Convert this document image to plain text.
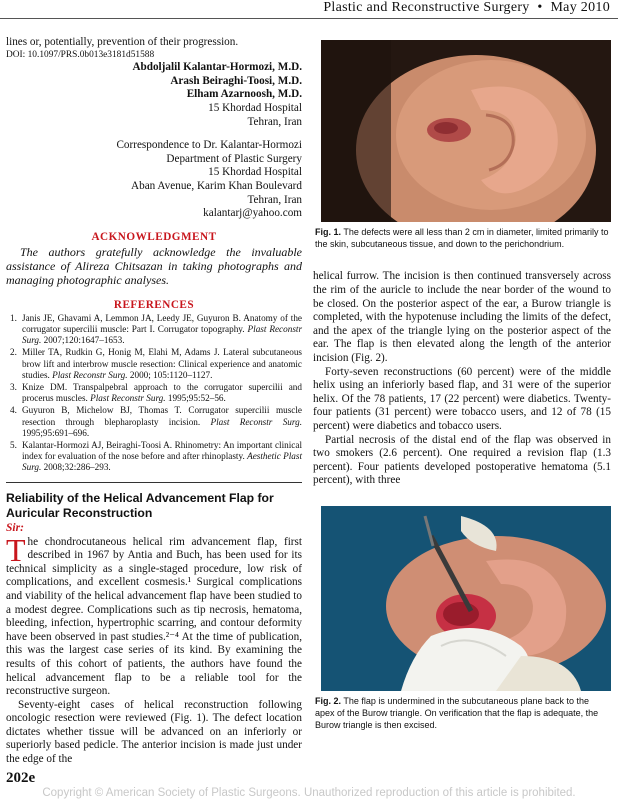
Plastic and Reconstructive Surgery • May 2010

lines or, potentially, prevention of their progression.

DOI: 10.1097/PRS.0b013e3181d51588

Abdoljalil Kalantar-Hormozi, M.D.
Arash Beiraghi-Toosi, M.D.
Elham Azarnoosh, M.D.
15 Khordad Hospital
Tehran, Iran
Correspondence to Dr. Kalantar-Hormozi
Department of Plastic Surgery
15 Khordad Hospital
Aban Avenue, Karim Khan Boulevard
Tehran, Iran
kalantarj@yahoo.com
ACKNOWLEDGMENT

The authors gratefully acknowledge the invaluable assistance of Alireza Chitsazan in taking photographs and managing photographic analyses.

REFERENCES
1. Janis JE, Ghavami A, Lemmon JA, Leedy JE, Guyuron B. Anatomy of the corrugator supercilii muscle: Part I. Corrugator topography. Plast Reconstr Surg. 2007;120:1647–1653.
2. Miller TA, Rudkin G, Honig M, Elahi M, Adams J. Lateral subcutaneous brow lift and interbrow muscle resection: Clinical experience and anatomic studies. Plast Reconstr Surg. 2000; 105:1120–1127.
3. Knize DM. Transpalpebral approach to the corrugator supercilii and procerus muscles. Plast Reconstr Surg. 1995;95:52–56.
4. Guyuron B, Michelow BJ, Thomas T. Corrugator supercilii muscle resection through blepharoplasty incision. Plast Reconstr Surg. 1995;95:691–696.
5. Kalantar-Hormozi AJ, Beiraghi-Toosi A. Rhinometry: An important clinical index for evaluation of the nose before and after rhinoplasty. Aesthetic Plast Surg. 2008;32:286–293.
Reliability of the Helical Advancement Flap for Auricular Reconstruction
Sir:

The chondrocutaneous helical rim advancement flap, first described in 1967 by Antia and Buch, has been used for its technical simplicity as a single-staged procedure, low risk of complications, and excellent cosmesis.¹ Surgical complications and viability of the helical advancement flap have been studied to a modest degree. Complications such as tip necrosis, hematoma, bleeding, infection, hypertrophic scarring, and contour deformity have been observed in past studies.²⁻⁴ At the time of publication, this was the largest case series of its kind. By examining the results of this cohort of patients, the authors have found the helical advancement flap to be a reliable tool for the reconstructive surgeon.

Seventy-eight cases of helical reconstruction following oncologic resection were reviewed (Fig. 1). The defect location dictates whether tissue will be advanced on an inferiorly or superiorly based pedicle. The anterior incision is made just under the edge of the

Fig. 1. The defects were all less than 2 cm in diameter, limited primarily to the skin, subcutaneous tissue, and down to the perichondrium.

helical furrow. The incision is then continued transversely across the rim of the auricle to include the near border of the wound to be closed. On the posterior aspect of the ear, a Burow triangle is completed, with the hypotenuse including the limits of the defect, and the apex of the triangle lying on the posterior aspect of the ear. The flap is then elevated along the length of the anterior incision (Fig. 2).

Forty-seven reconstructions (60 percent) were of the middle helix using an inferiorly based flap, and 31 were of the superior helix. Of the 78 patients, 17 (22 percent) were diabetics. Twenty-four patients (31 percent) were tobacco users, and 12 of 78 (15 percent) were diabetics and tobacco users.

Partial necrosis of the distal end of the flap was observed in two smokers (2.6 percent). One required a revision flap (1.3 percent). Four patients developed postoperative hematoma (5.1 percent), with three

Fig. 2. The flap is undermined in the subcutaneous plane back to the apex of the Burow triangle. On verification that the flap is adequate, the Burow triangle is then excised.
202e
Copyright © American Society of Plastic Surgeons. Unauthorized reproduction of this article is prohibited.
